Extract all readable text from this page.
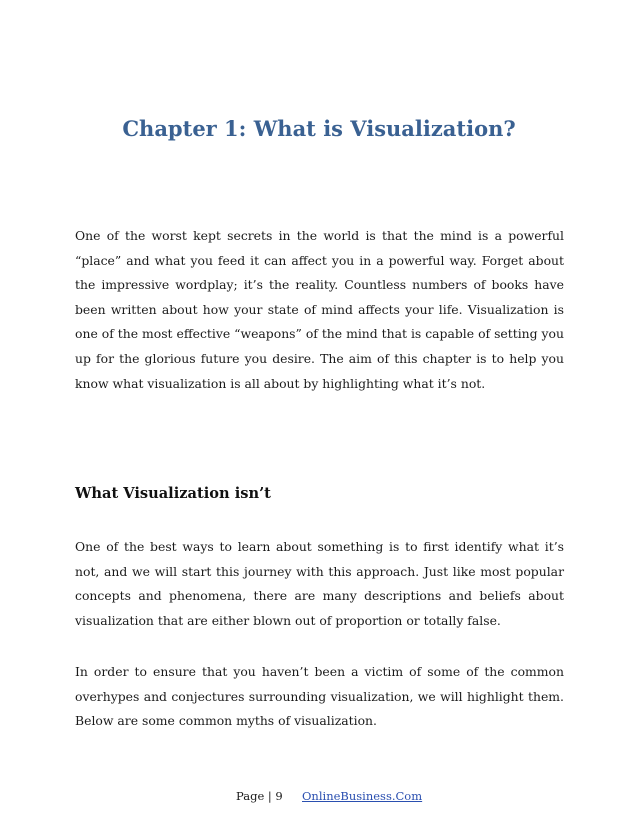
Chapter 1: What is Visualization?

One of the worst kept secrets in the world is that the mind is a powerful “place” and what you feed it can affect you in a powerful way. Forget about the impressive wordplay; it’s the reality. Countless numbers of books have been written about how your state of mind affects your life. Visualization is one of the most effective “weapons” of the mind that is capable of setting you up for the glorious future you desire. The aim of this chapter is to help you know what visualization is all about by highlighting what it’s not.

What Visualization isn’t

One of the best ways to learn about something is to first identify what it’s not, and we will start this journey with this approach. Just like most popular concepts and phenomena, there are many descriptions and beliefs about visualization that are either blown out of proportion or totally false.

In order to ensure that you haven’t been a victim of some of the common overhypes and conjectures surrounding visualization, we will highlight them. Below are some common myths of visualization.

Page | 9 OnlineBusiness.Com
